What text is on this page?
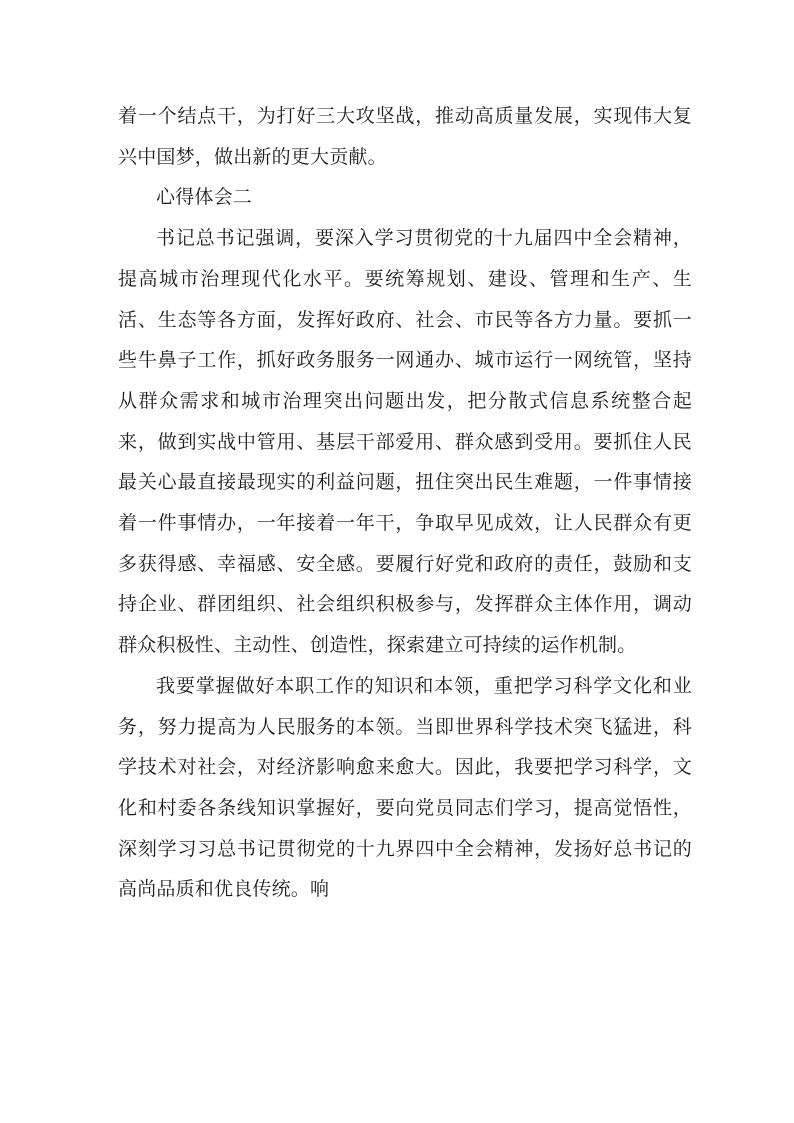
着一个结点干，为打好三大攻坚战，推动高质量发展，实现伟大复兴中国梦，做出新的更大贡献。

心得体会二

书记总书记强调，要深入学习贯彻党的十九届四中全会精神，提高城市治理现代化水平。要统筹规划、建设、管理和生产、生活、生态等各方面，发挥好政府、社会、市民等各方力量。要抓一些牛鼻子工作，抓好政务服务一网通办、城市运行一网统管，坚持从群众需求和城市治理突出问题出发，把分散式信息系统整合起来，做到实战中管用、基层干部爱用、群众感到受用。要抓住人民最关心最直接最现实的利益问题，扭住突出民生难题，一件事情接着一件事情办，一年接着一年干，争取早见成效，让人民群众有更多获得感、幸福感、安全感。要履行好党和政府的责任，鼓励和支持企业、群团组织、社会组织积极参与，发挥群众主体作用，调动群众积极性、主动性、创造性，探索建立可持续的运作机制。

我要掌握做好本职工作的知识和本领，重把学习科学文化和业务，努力提高为人民服务的本领。当即世界科学技术突飞猛进，科学技术对社会，对经济影响愈来愈大。因此，我要把学习科学，文化和村委各条线知识掌握好，要向党员同志们学习，提高觉悟性，深刻学习习总书记贯彻党的十九界四中全会精神，发扬好总书记的高尚品质和优良传统。响
